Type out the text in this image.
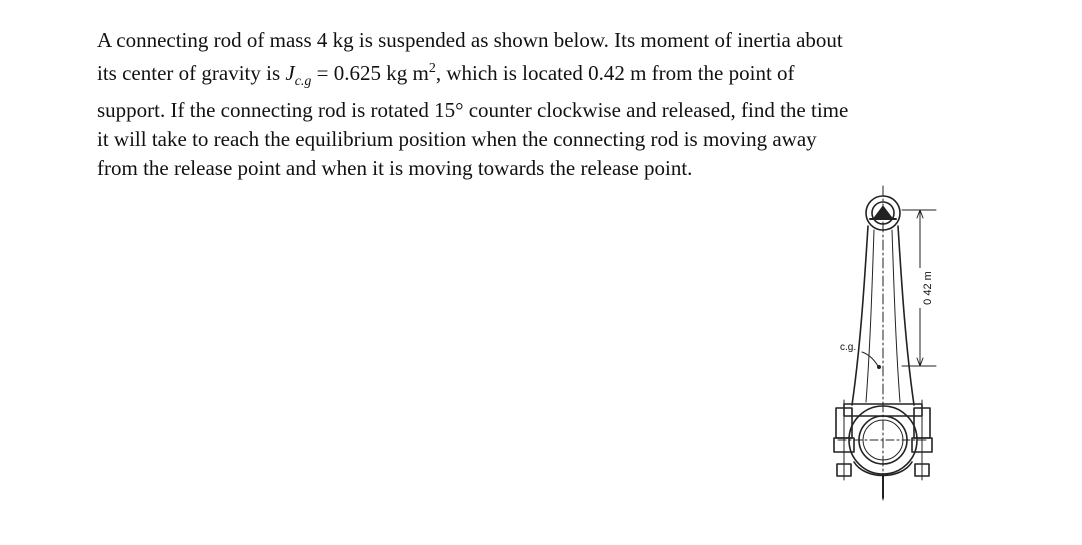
A connecting rod of mass 4 kg is suspended as shown below. Its moment of inertia about
its center of gravity is $J_{c.g} = 0.625$ kg $m^2$, which is located 0.42 m from the point of
support. If the connecting rod is rotated 15° counter clockwise and released, find the time
it will take to reach the equilibrium position when the connecting rod is moving away
from the release point and when it is moving towards the release point.
c.g.
0 42 m
